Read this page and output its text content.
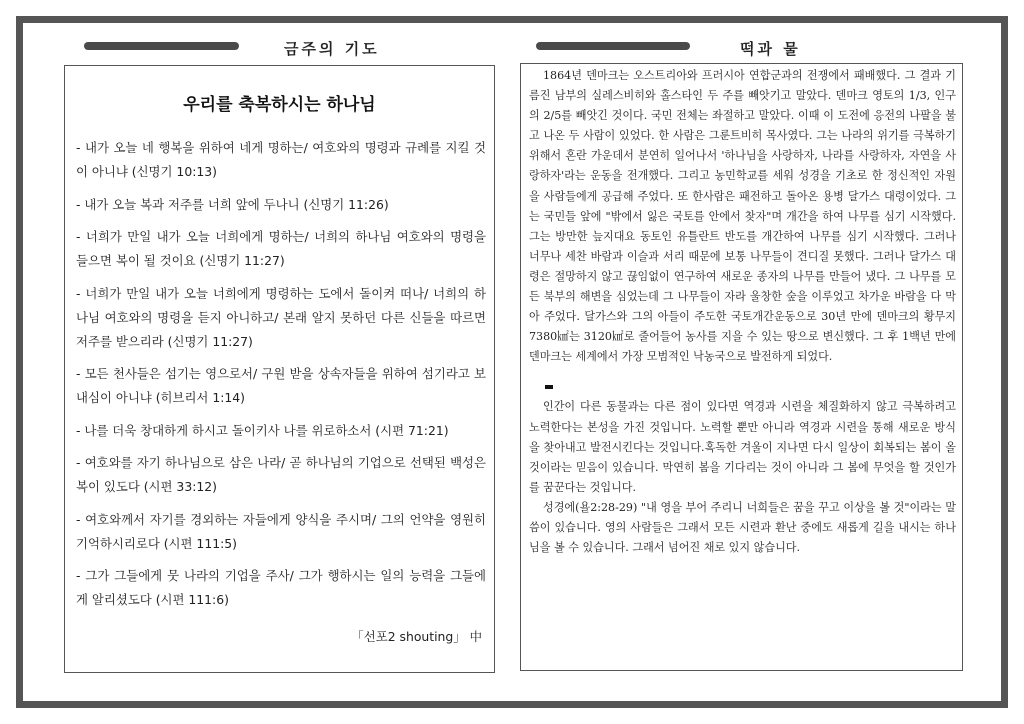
금주의 기도
우리를 축복하시는 하나님
- 내가 오늘 네 행복을 위하여 네게 명하는/ 여호와의 명령과 규례를 지킬 것이 아니냐 (신명기 10:13)
- 내가 오늘 복과 저주를 너희 앞에 두나니 (신명기 11:26)
- 너희가 만일 내가 오늘 너희에게 명하는/ 너희의 하나님 여호와의 명령을 들으면 복이 될 것이요 (신명기 11:27)
- 너희가 만일 내가 오늘 너희에게 명령하는 도에서 돌이켜 떠나/ 너희의 하나님 여호와의 명령을 듣지 아니하고/ 본래 알지 못하던 다른 신들을 따르면 저주를 받으리라 (신명기 11:27)
- 모든 천사들은 섬기는 영으로서/ 구원 받을 상속자들을 위하여 섬기라고 보내심이 아니냐 (히브리서 1:14)
- 나를 더욱 창대하게 하시고 돌이키사 나를 위로하소서 (시편 71:21)
- 여호와를 자기 하나님으로 삼은 나라/ 곧 하나님의 기업으로 선택된 백성은 복이 있도다 (시편 33:12)
- 여호와께서 자기를 경외하는 자들에게 양식을 주시며/ 그의 언약을 영원히 기억하시리로다 (시편 111:5)
- 그가 그들에게 뭇 나라의 기업을 주사/ 그가 행하시는 일의 능력을 그들에게 알리셨도다 (시편 111:6)
「선포2 shouting」 中
떡과 물

1864년 덴마크는 오스트리아와 프러시아 연합군과의 전쟁에서 패배했다. 그 결과 기름진 남부의 실레스비히와 홀스타인 두 주를 빼앗기고 말았다. 덴마크 영토의 1/3, 인구의 2/5를 빼앗긴 것이다. 국민 전체는 좌절하고 말았다. 이때 이 도전에 응전의 나팔을 불고 나온 두 사람이 있었다. 한 사람은 그룬트비히 목사였다. 그는 나라의 위기를 극복하기 위해서 혼란 가운데서 분연히 일어나서 '하나님을 사랑하자, 나라를 사랑하자, 자연을 사랑하자'라는 운동을 전개했다. 그리고 농민학교를 세워 성경을 기초로 한 정신적인 자원을 사람들에게 공급해 주었다. 또 한사람은 패전하고 돌아온 용병 달가스 대령이었다. 그는 국민들 앞에 "밖에서 잃은 국토를 안에서 찾자"며 개간을 하여 나무를 심기 시작했다. 그는 방만한 늪지대요 동토인 유틀란트 반도를 개간하여 나무를 심기 시작했다. 그러나 너무나 세찬 바람과 이슬과 서리 때문에 보통 나무들이 견디질 못했다. 그러나 달가스 대령은 절망하지 않고 끊임없이 연구하여 새로운 종자의 나무를 만들어 냈다. 그 나무를 모든 북부의 해변을 심었는데 그 나무들이 자라 울창한 숲을 이루었고 차가운 바람을 다 막아 주었다. 달가스와 그의 아들이 주도한 국토개간운동으로 30년 만에 덴마크의 황무지 7380㎢는 3120㎢로 줄어들어 농사를 지을 수 있는 땅으로 변신했다. 그 후 1백년 만에 덴마크는 세계에서 가장 모범적인 낙농국으로 발전하게 되었다.

인간이 다른 동물과는 다른 점이 있다면 역경과 시련을 체질화하지 않고 극복하려고 노력한다는 본성을 가진 것입니다. 노력할 뿐만 아니라 역경과 시련을 통해 새로운 방식을 찾아내고 발전시킨다는 것입니다.혹독한 겨울이 지나면 다시 일상이 회복되는 봄이 올 것이라는 믿음이 있습니다. 막연히 봄을 기다리는 것이 아니라 그 봄에 무엇을 할 것인가를 꿈꾼다는 것입니다.

성경에(욜2:28-29) "내 영을 부어 주리니 너희들은 꿈을 꾸고 이상을 볼 것"이라는 말씀이 있습니다. 영의 사람들은 그래서 모든 시련과 환난 중에도 새롭게 길을 내시는 하나님을 볼 수 있습니다. 그래서 넘어진 채로 있지 않습니다.
